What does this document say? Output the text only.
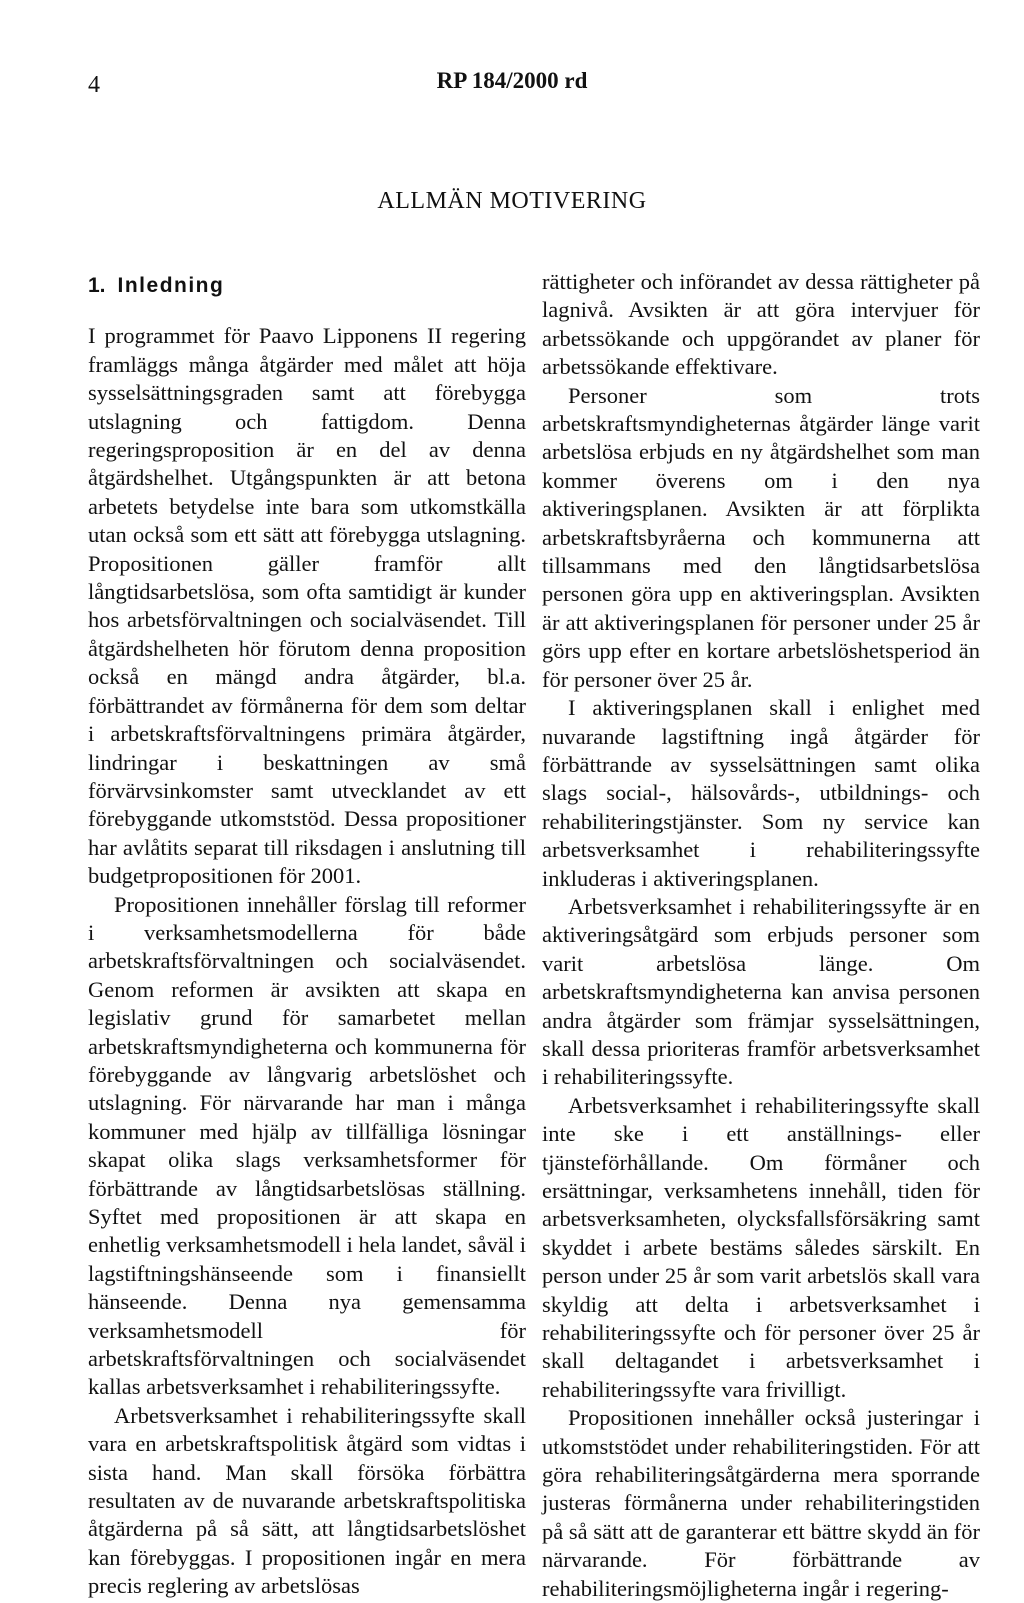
4	RP 184/2000 rd
ALLMÄN MOTIVERING
1. Inledning

I programmet för Paavo Lipponens II regering framläggs många åtgärder med målet att höja sysselsättningsgraden samt att förebygga utslagning och fattigdom. Denna regeringsproposition är en del av denna åtgärdshelhet. Utgångspunkten är att betona arbetets betydelse inte bara som utkomstkälla utan också som ett sätt att förebygga utslagning. Propositionen gäller framför allt långtidsarbetslösa, som ofta samtidigt är kunder hos arbetsförvaltningen och socialväsendet. Till åtgärdshelheten hör förutom denna proposition också en mängd andra åtgärder, bl.a. förbättrandet av förmånerna för dem som deltar i arbetskraftsförvaltningens primära åtgärder, lindringar i beskattningen av små förvärvsinkomster samt utvecklandet av ett förebyggande utkomststöd. Dessa propositioner har avlåtits separat till riksdagen i anslutning till budgetpropositionen för 2001.

Propositionen innehåller förslag till reformer i verksamhetsmodellerna för både arbetskraftsförvaltningen och socialväsendet. Genom reformen är avsikten att skapa en legislativ grund för samarbetet mellan arbetskraftsmyndigheterna och kommunerna för förebyggande av långvarig arbetslöshet och utslagning. För närvarande har man i många kommuner med hjälp av tillfälliga lösningar skapat olika slags verksamhetsformer för förbättrande av långtidsarbetslösas ställning. Syftet med propositionen är att skapa en enhetlig verksamhetsmodell i hela landet, såväl i lagstiftningshänseende som i finansiellt hänseende. Denna nya gemensamma verksamhetsmodell för arbetskraftsförvaltningen och socialväsendet kallas arbetsverksamhet i rehabiliteringssyfte.

Arbetsverksamhet i rehabiliteringssyfte skall vara en arbetskraftspolitisk åtgärd som vidtas i sista hand. Man skall försöka förbättra resultaten av de nuvarande arbetskraftspolitiska åtgärderna på så sätt, att långtidsarbetslöshet kan förebyggas. I propositionen ingår en mera precis reglering av arbetslösas

rättigheter och införandet av dessa rättigheter på lagnivå. Avsikten är att göra intervjuer för arbetssökande och uppgörandet av planer för arbetssökande effektivare.

Personer som trots arbetskraftsmyndigheternas åtgärder länge varit arbetslösa erbjuds en ny åtgärdshelhet som man kommer överens om i den nya aktiveringsplanen. Avsikten är att förplikta arbetskraftsbyråerna och kommunerna att tillsammans med den långtidsarbetslösa personen göra upp en aktiveringsplan. Avsikten är att aktiveringsplanen för personer under 25 år görs upp efter en kortare arbetslöshetsperiod än för personer över 25 år.

I aktiveringsplanen skall i enlighet med nuvarande lagstiftning ingå åtgärder för förbättrande av sysselsättningen samt olika slags social-, hälsovårds-, utbildnings- och rehabiliteringstjänster. Som ny service kan arbetsverksamhet i rehabiliteringssyfte inkluderas i aktiveringsplanen.

Arbetsverksamhet i rehabiliteringssyfte är en aktiveringsåtgärd som erbjuds personer som varit arbetslösa länge. Om arbetskraftsmyndigheterna kan anvisa personen andra åtgärder som främjar sysselsättningen, skall dessa prioriteras framför arbetsverksamhet i rehabiliteringssyfte.

Arbetsverksamhet i rehabiliteringssyfte skall inte ske i ett anställnings- eller tjänsteförhållande. Om förmåner och ersättningar, verksamhetens innehåll, tiden för arbetsverksamheten, olycksfallsförsäkring samt skyddet i arbete bestäms således särskilt. En person under 25 år som varit arbetslös skall vara skyldig att delta i arbetsverksamhet i rehabiliteringssyfte och för personer över 25 år skall deltagandet i arbetsverksamhet i rehabiliteringssyfte vara frivilligt.

Propositionen innehåller också justeringar i utkomststödet under rehabiliteringstiden. För att göra rehabiliteringsåtgärderna mera sporrande justeras förmånerna under rehabiliteringstiden på så sätt att de garanterar ett bättre skydd än för närvarande. För förbättrande av rehabiliteringsmöjligheterna ingår i regering-
